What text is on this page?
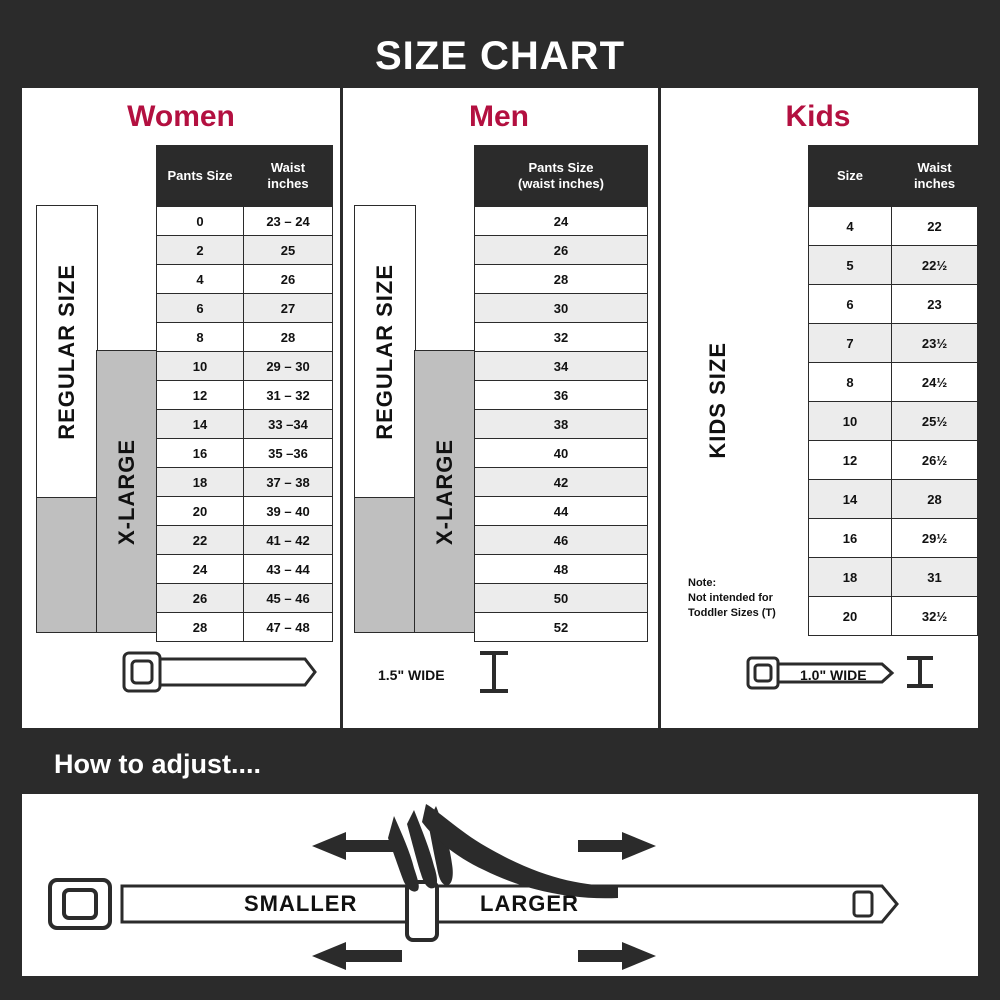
SIZE CHART
Women	Men	Kids
REGULAR SIZE
X-LARGE
Pants Size	Waist
inches

0	23 – 24
2	25
4	26
6	27
8	28
10	29 – 30
12	31 – 32
14	33 –34
16	35 –36
18	37 – 38
20	39 – 40
22	41 – 42
24	43 – 44
26	45 – 46
28	47 – 48
1.5" WIDE
REGULAR SIZE
X-LARGE
Pants Size
(waist inches)

24
26
28
30
32
34
36
38
40
42
44
46
48
50
52
KIDS SIZE
Note:
Not intended for
Toddler Sizes (T)
Size	Waist
inches

4	22
5	22½
6	23
7	23½
8	24½
10	25½
12	26½
14	28
16	29½
18	31
20	32½
1.0" WIDE
How to adjust....
SMALLER	LARGER
